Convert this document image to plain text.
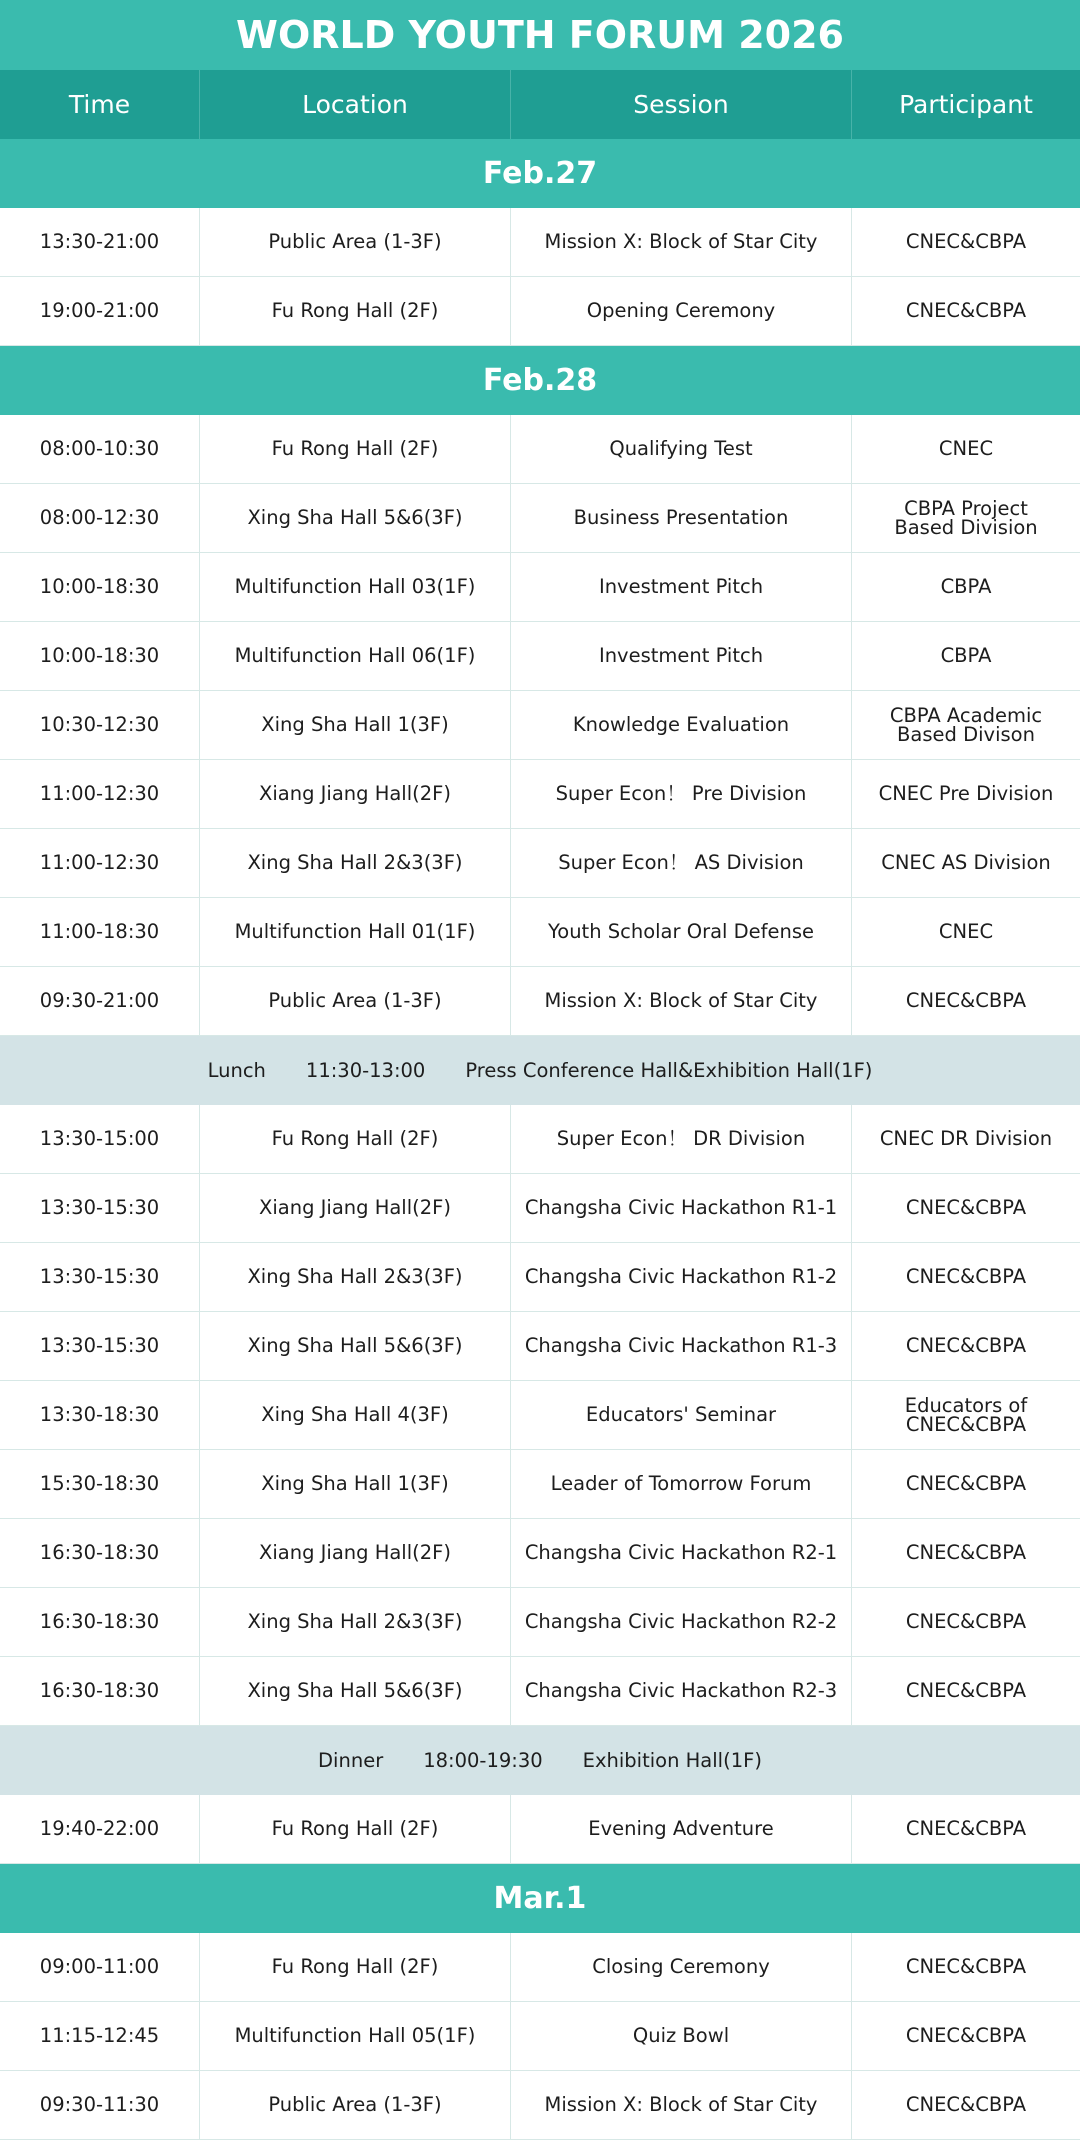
WORLD YOUTH FORUM 2026
Time	Location	Session	Participant
Feb.27
13:30-21:00	Public Area (1-3F)	Mission X: Block of Star City	CNEC&CBPA
19:00-21:00	Fu Rong Hall (2F)	Opening Ceremony	CNEC&CBPA
Feb.28
08:00-10:30	Fu Rong Hall (2F)	Qualifying Test	CNEC
08:00-12:30	Xing Sha Hall 5&6(3F)	Business Presentation	CBPA Project
Based Division
10:00-18:30	Multifunction Hall 03(1F)	Investment Pitch	CBPA
10:00-18:30	Multifunction Hall 06(1F)	Investment Pitch	CBPA
10:30-12:30	Xing Sha Hall 1(3F)	Knowledge Evaluation	CBPA Academic
Based Divison
11:00-12:30	Xiang Jiang Hall(2F)	Super Econ！ Pre Division	CNEC Pre Division
11:00-12:30	Xing Sha Hall 2&3(3F)	Super Econ！ AS Division	CNEC AS Division
11:00-18:30	Multifunction Hall 01(1F)	Youth Scholar Oral Defense	CNEC
09:30-21:00	Public Area (1-3F)	Mission X: Block of Star City	CNEC&CBPA
Lunch 11:30-13:00 Press Conference Hall&Exhibition Hall(1F)
13:30-15:00	Fu Rong Hall (2F)	Super Econ！ DR Division	CNEC DR Division
13:30-15:30	Xiang Jiang Hall(2F)	Changsha Civic Hackathon R1-1	CNEC&CBPA
13:30-15:30	Xing Sha Hall 2&3(3F)	Changsha Civic Hackathon R1-2	CNEC&CBPA
13:30-15:30	Xing Sha Hall 5&6(3F)	Changsha Civic Hackathon R1-3	CNEC&CBPA
13:30-18:30	Xing Sha Hall 4(3F)	Educators' Seminar	Educators of
CNEC&CBPA
15:30-18:30	Xing Sha Hall 1(3F)	Leader of Tomorrow Forum	CNEC&CBPA
16:30-18:30	Xiang Jiang Hall(2F)	Changsha Civic Hackathon R2-1	CNEC&CBPA
16:30-18:30	Xing Sha Hall 2&3(3F)	Changsha Civic Hackathon R2-2	CNEC&CBPA
16:30-18:30	Xing Sha Hall 5&6(3F)	Changsha Civic Hackathon R2-3	CNEC&CBPA
Dinner 18:00-19:30 Exhibition Hall(1F)
19:40-22:00	Fu Rong Hall (2F)	Evening Adventure	CNEC&CBPA
Mar.1
09:00-11:00	Fu Rong Hall (2F)	Closing Ceremony	CNEC&CBPA
11:15-12:45	Multifunction Hall 05(1F)	Quiz Bowl	CNEC&CBPA
09:30-11:30	Public Area (1-3F)	Mission X: Block of Star City	CNEC&CBPA
